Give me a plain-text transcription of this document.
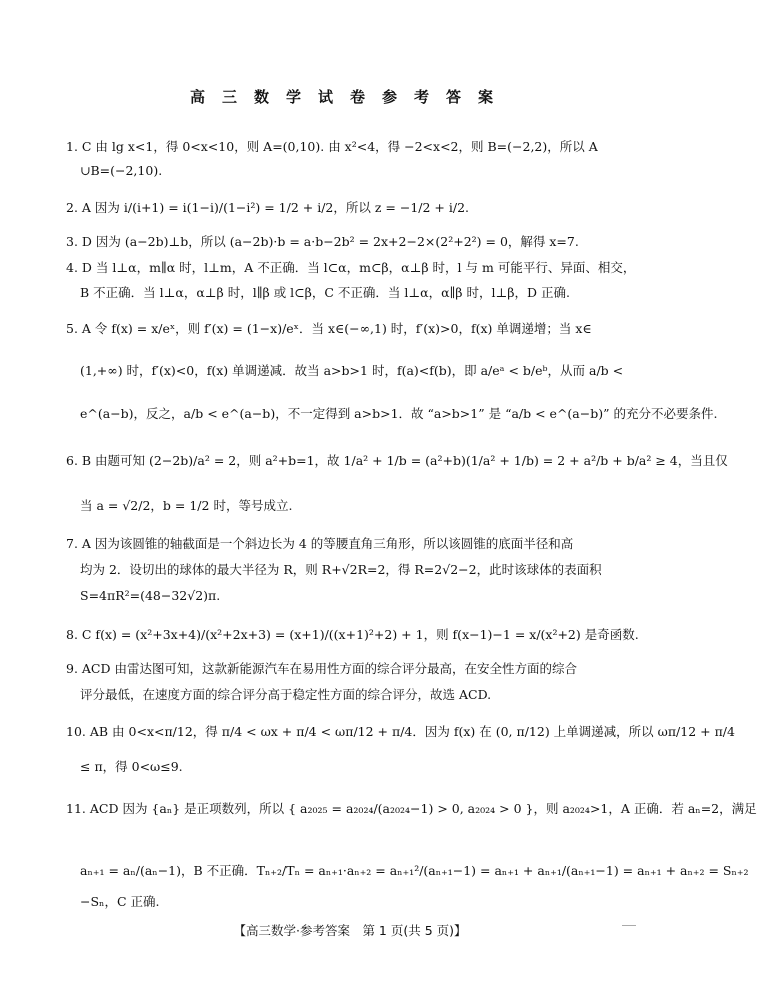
高三数学试卷参考答案
1. C 由 lg x<1，得 0<x<10，则 A=(0,10). 由 x²<4，得 −2<x<2，则 B=(−2,2)，所以 A
∪B=(−2,10).
2. A 因为 i/(i+1) = i(1−i)/(1−i²) = 1/2 + i/2，所以 z = −1/2 + i/2.
3. D 因为 (a−2b)⊥b，所以 (a−2b)·b = a·b−2b² = 2x+2−2×(2²+2²) = 0，解得 x=7.
4. D 当 l⊥α，m∥α 时，l⊥m，A 不正确．当 l⊂α，m⊂β，α⊥β 时，l 与 m 可能平行、异面、相交，
B 不正确．当 l⊥α，α⊥β 时，l∥β 或 l⊂β，C 不正确．当 l⊥α，α∥β 时，l⊥β，D 正确.
5. A 令 f(x) = x/eˣ，则 f′(x) = (1−x)/eˣ．当 x∈(−∞,1) 时，f′(x)>0，f(x) 单调递增；当 x∈
(1,+∞) 时，f′(x)<0，f(x) 单调递减．故当 a>b>1 时，f(a)<f(b)，即 a/eᵃ < b/eᵇ，从而 a/b <
e^(a−b)，反之，a/b < e^(a−b)，不一定得到 a>b>1．故 “a>b>1” 是 “a/b < e^(a−b)” 的充分不必要条件.
6. B 由题可知 (2−2b)/a² = 2，则 a²+b=1，故 1/a² + 1/b = (a²+b)(1/a² + 1/b) = 2 + a²/b + b/a² ≥ 4，当且仅
当 a = √2/2，b = 1/2 时，等号成立.
7. A 因为该圆锥的轴截面是一个斜边长为 4 的等腰直角三角形，所以该圆锥的底面半径和高
均为 2．设切出的球体的最大半径为 R，则 R+√2R=2，得 R=2√2−2，此时该球体的表面积
S=4πR²=(48−32√2)π.
8. C f(x) = (x²+3x+4)/(x²+2x+3) = (x+1)/((x+1)²+2) + 1，则 f(x−1)−1 = x/(x²+2) 是奇函数.
9. ACD 由雷达图可知，这款新能源汽车在易用性方面的综合评分最高，在安全性方面的综合
评分最低，在速度方面的综合评分高于稳定性方面的综合评分，故选 ACD.
10. AB 由 0<x<π/12，得 π/4 < ωx + π/4 < ωπ/12 + π/4．因为 f(x) 在 (0, π/12) 上单调递减，所以 ωπ/12 + π/4
≤ π，得 0<ω≤9.
11. ACD 因为 {aₙ} 是正项数列，所以 { a₂₀₂₅ = a₂₀₂₄/(a₂₀₂₄−1) > 0, a₂₀₂₄ > 0 }，则 a₂₀₂₄>1，A 正确．若 aₙ=2，满足
aₙ₊₁ = aₙ/(aₙ−1)，B 不正确．Tₙ₊₂/Tₙ = aₙ₊₁·aₙ₊₂ = aₙ₊₁²/(aₙ₊₁−1) = aₙ₊₁ + aₙ₊₁/(aₙ₊₁−1) = aₙ₊₁ + aₙ₊₂ = Sₙ₊₂
−Sₙ，C 正确.
【高三数学·参考答案　第 1 页(共 5 页)】
